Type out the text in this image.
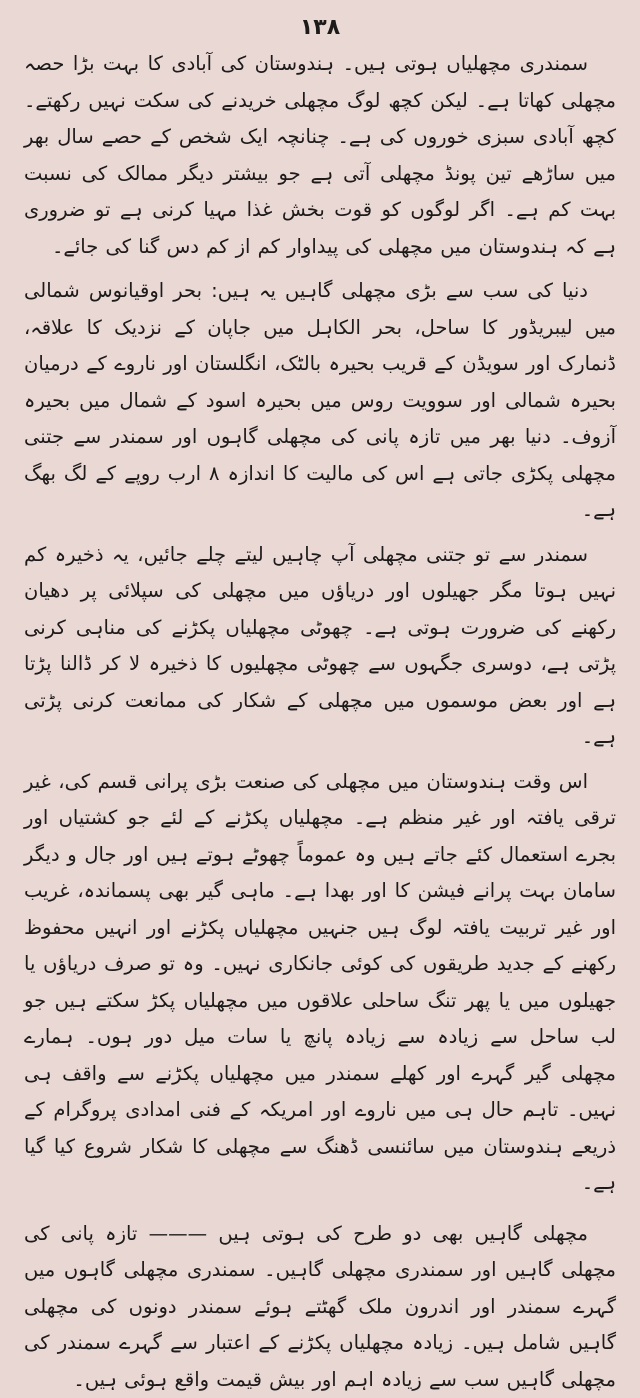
۱۳۸

سمندری مچھلیاں ہوتی ہیں۔ ہندوستان کی آبادی کا بہت بڑا حصہ مچھلی کھاتا ہے۔ لیکن کچھ لوگ مچھلی خریدنے کی سکت نہیں رکھتے۔ کچھ آبادی سبزی خوروں کی ہے۔ چنانچہ ایک شخص کے حصے سال بھر میں ساڑھے تین پونڈ مچھلی آتی ہے جو بیشتر دیگر ممالک کی نسبت بہت کم ہے۔ اگر لوگوں کو قوت بخش غذا مہیا کرنی ہے تو ضروری ہے کہ ہندوستان میں مچھلی کی پیداوار کم از کم دس گنا کی جائے۔

دنیا کی سب سے بڑی مچھلی گاہیں یہ ہیں: بحر اوقیانوس شمالی میں لیبریڈور کا ساحل، بحر الکاہل میں جاپان کے نزدیک کا علاقہ، ڈنمارک اور سویڈن کے قریب بحیرہ بالٹک، انگلستان اور ناروے کے درمیان بحیرہ شمالی اور سوویت روس میں بحیرہ اسود کے شمال میں بحیرہ آزوف۔ دنیا بھر میں تازہ پانی کی مچھلی گاہوں اور سمندر سے جتنی مچھلی پکڑی جاتی ہے اس کی مالیت کا اندازہ ۸ ارب روپے کے لگ بھگ ہے۔

سمندر سے تو جتنی مچھلی آپ چاہیں لیتے چلے جائیں، یہ ذخیرہ کم نہیں ہوتا مگر جھیلوں اور دریاؤں میں مچھلی کی سپلائی پر دھیان رکھنے کی ضرورت ہوتی ہے۔ چھوٹی مچھلیاں پکڑنے کی مناہی کرنی پڑتی ہے، دوسری جگہوں سے چھوٹی مچھلیوں کا ذخیرہ لا کر ڈالنا پڑتا ہے اور بعض موسموں میں مچھلی کے شکار کی ممانعت کرنی پڑتی ہے۔

اس وقت ہندوستان میں مچھلی کی صنعت بڑی پرانی قسم کی، غیر ترقی یافتہ اور غیر منظم ہے۔ مچھلیاں پکڑنے کے لئے جو کشتیاں اور بجرے استعمال کئے جاتے ہیں وہ عموماً چھوٹے ہوتے ہیں اور جال و دیگر سامان بہت پرانے فیشن کا اور بھدا ہے۔ ماہی گیر بھی پسماندہ، غریب اور غیر تربیت یافتہ لوگ ہیں جنہیں مچھلیاں پکڑنے اور انہیں محفوظ رکھنے کے جدید طریقوں کی کوئی جانکاری نہیں۔ وہ تو صرف دریاؤں یا جھیلوں میں یا پھر تنگ ساحلی علاقوں میں مچھلیاں پکڑ سکتے ہیں جو لب ساحل سے زیادہ سے زیادہ پانچ یا سات میل دور ہوں۔ ہمارے مچھلی گیر گہرے اور کھلے سمندر میں مچھلیاں پکڑنے سے واقف ہی نہیں۔ تاہم حال ہی میں ناروے اور امریکہ کے فنی امدادی پروگرام کے ذریعے ہندوستان میں سائنسی ڈھنگ سے مچھلی کا شکار شروع کیا گیا ہے۔

مچھلی گاہیں بھی دو طرح کی ہوتی ہیں ——— تازہ پانی کی مچھلی گاہیں اور سمندری مچھلی گاہیں۔ سمندری مچھلی گاہوں میں گہرے سمندر اور اندرون ملک گھٹتے ہوئے سمندر دونوں کی مچھلی گاہیں شامل ہیں۔ زیادہ مچھلیاں پکڑنے کے اعتبار سے گہرے سمندر کی مچھلی گاہیں سب سے زیادہ اہم اور بیش قیمت واقع ہوئی ہیں۔
